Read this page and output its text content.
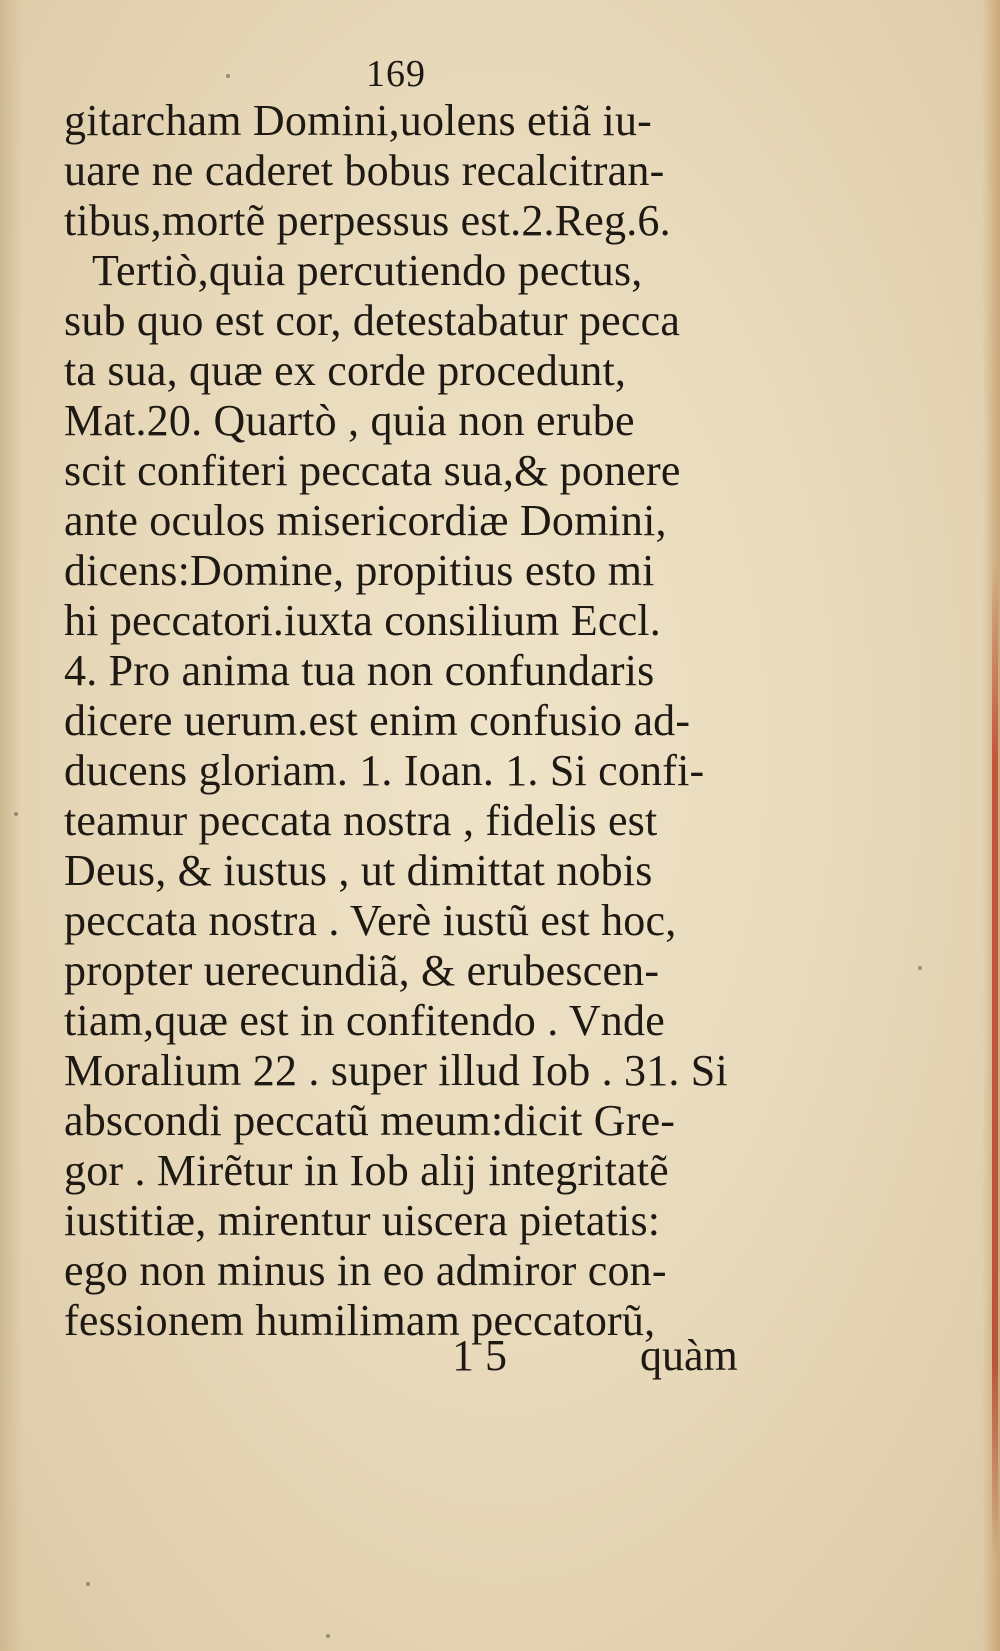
169
gitarcham Domini,uolens etiã iu-
uare ne caderet bobus recalcitran-
tibus,mortẽ perpessus est.2.Reg.6.
Tertiò,quia percutiendo pectus,
sub quo est cor, detestabatur pecca
ta sua, quæ ex corde procedunt,
Mat.20. Quartò , quia non erube
scit confiteri peccata sua,& ponere
ante oculos misericordiæ Domini,
dicens:Domine, propitius esto mi
hi peccatori.iuxta consilium Eccl.
4. Pro anima tua non confundaris
dicere uerum.est enim confusio ad-
ducens gloriam. 1. Ioan. 1. Si confi-
teamur peccata nostra , fidelis est
Deus, & iustus , ut dimittat nobis
peccata nostra . Verè iustũ est hoc,
propter uerecundiã, & erubescen-
tiam,quæ est in confitendo . Vnde
Moralium 22 . super illud Iob . 31. Si
abscondi peccatũ meum:dicit Gre-
gor . Mirẽtur in Iob alij integritatẽ
iustitiæ, mirentur uiscera pietatis:
ego non minus in eo admiror con-
fessionem humilimam peccatorũ,
1 5	quàm
